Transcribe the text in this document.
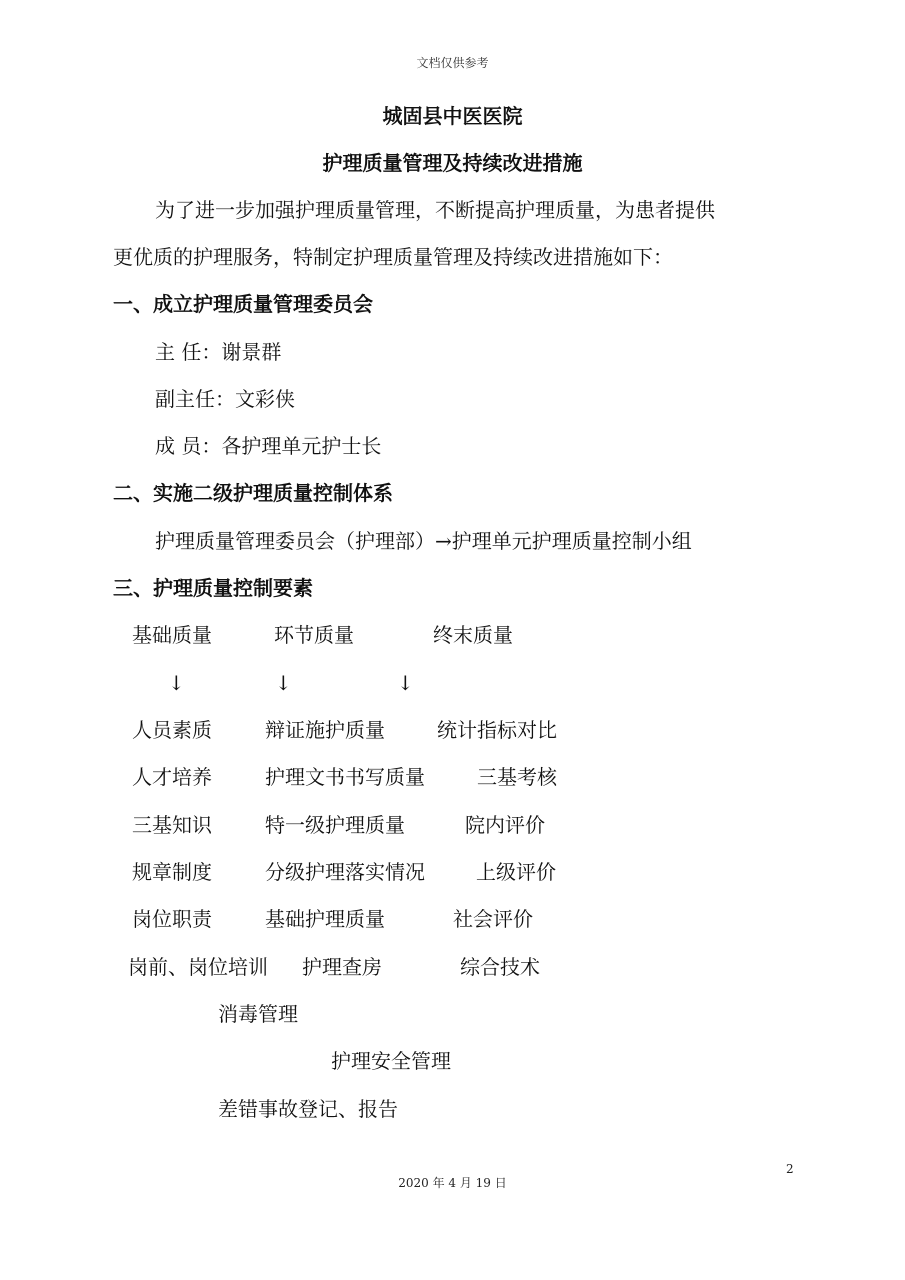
文档仅供参考
城固县中医医院
护理质量管理及持续改进措施
为了进一步加强护理质量管理，不断提高护理质量，为患者提供
更优质的护理服务，特制定护理质量管理及持续改进措施如下：
一、成立护理质量管理委员会
主 任：谢景群
副主任：文彩侠
成 员：各护理单元护士长
二、实施二级护理质量控制体系
护理质量管理委员会（护理部）→护理单元护理质量控制小组
三、护理质量控制要素
基础质量	环节质量	终末质量
↓	↓	↓
人员素质	辩证施护质量	统计指标对比
人才培养	护理文书书写质量	三基考核
三基知识	特一级护理质量	院内评价
规章制度	分级护理落实情况	上级评价
岗位职责	基础护理质量	社会评价
岗前、岗位培训 护理查房	综合技术
消毒管理
护理安全管理
差错事故登记、报告
2
2020 年 4 月 19 日
